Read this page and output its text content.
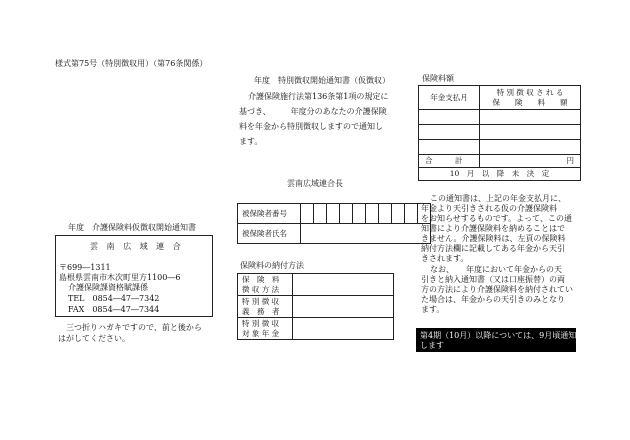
様式第75号（特別徴収用）（第76条関係）
年度　介護保険料仮徴収開始通知書
雲 南 広 域 連 合
〒699―1311
島根県雲南市木次町里方1100―6
介護保険課資格賦課係
TEL　0854―47―7342
FAX　0854―47―7344
三つ折りハガキですので、前と後から
はがしてください。
年度　特別徴収開始通知書（仮徴収）
介護保険施行法第136条第1項の規定に
基づき、　　　年度分のあなたの介護保険
料を年金から特別徴収しますので通知し
ます。
雲南広域連合長
被保険者番号										
被保険者氏名										
保険料の納付方法
保　険　料
徴 収 方 法	
特 別 徴 収
義　務　者	
特 別 徴 収
対 象 年 金	
保険料額
年金支払月	特 別 徴 収 さ れ る
保　　険　　料　　額

合　　　計	円
10　月　以　降　未　決　定	
この通知書は、上記の年金支払月に、
年金より天引きされる仮の介護保険料
をお知らせするものです。よって、この通
知書により介護保険料を納めることはで
きません。介護保険料は、左頁の保険料
納付方法欄に記載してある年金から天引
きされます。
なお、　　年度において年金からの天
引きと納入通知書（又は口座振替）の両
方の方法により介護保険料を納付されてい
た場合は、年金からの天引きのみとなり
ます。
第4期（10月）以降については、9月頃通知
します
